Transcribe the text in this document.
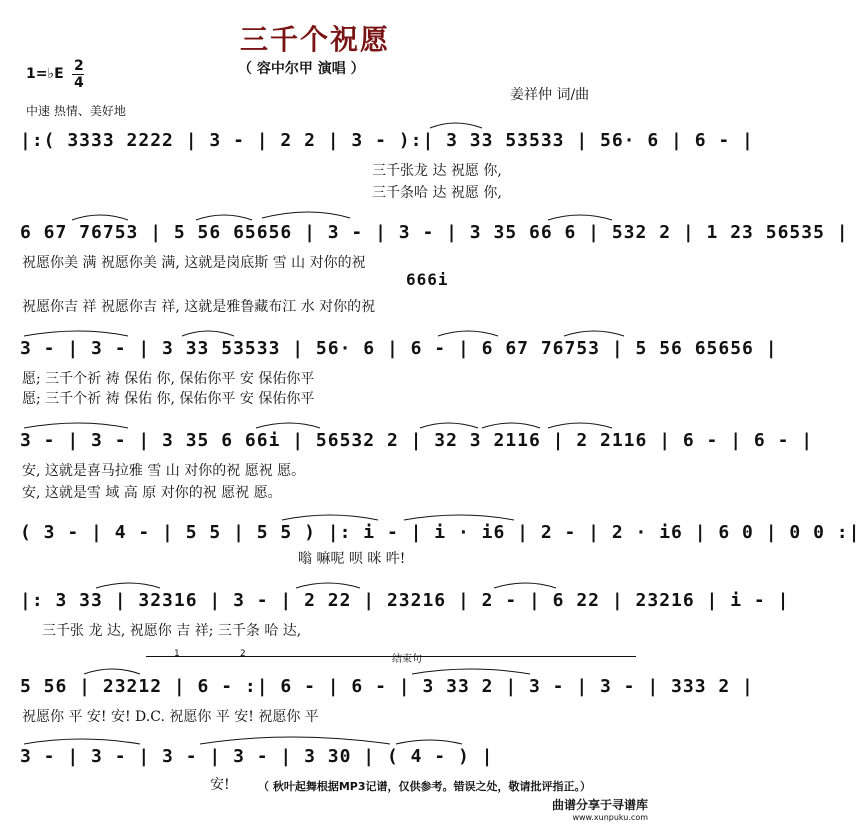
三千个祝愿
1=♭E 2
4
（ 容中尔甲 演唱 ）
姜祥仲 词/曲
中速 热情、美好地
|:( 3333 2222 | 3 - | 2 2 | 3 - ):| 3 33 53533 | 56· 6 | 6 - |
三千张龙 达 祝愿 你,
三千条哈 达 祝愿 你,
6 67 76753 | 5 56 65656 | 3 - | 3 - | 3 35 66 6 | 532 2 | 1 23 56535 |
祝愿你美 满 祝愿你美 满, 这就是岗底斯 雪 山 对你的祝
666i
祝愿你吉 祥 祝愿你吉 祥, 这就是雅鲁藏布江 水 对你的祝
3 - | 3 - | 3 33 53533 | 56· 6 | 6 - | 6 67 76753 | 5 56 65656 |
愿; 三千个祈 祷 保佑 你, 保佑你平 安 保佑你平
愿; 三千个祈 祷 保佑 你, 保佑你平 安 保佑你平
3 - | 3 - | 3 35 6 66i | 56532 2 | 32 3 2116 | 2 2116 | 6 - | 6 - |
安, 这就是喜马拉雅 雪 山 对你的祝 愿祝 愿。
安, 这就是雪 域 高 原 对你的祝 愿祝 愿。
( 3 - | 4 - | 5 5 | 5 5 ) |: i - | i · i6 | 2 - | 2 · i6 | 6 0 | 0 0 :|
嗡 嘛呢 呗 咪 吽!
|: 3 33 | 32316 | 3 - | 2 22 | 23216 | 2 - | 6 22 | 23216 | i - |
三千张 龙 达, 祝愿你 吉 祥; 三千条 哈 达,
1	2	结束句
5 56 | 23212 | 6 - :| 6 - | 6 - | 3 33 2 | 3 - | 3 - | 333 2 |
祝愿你 平 安! 安! D.C. 祝愿你 平 安! 祝愿你 平
3 - | 3 - | 3 - | 3 - | 3 30 | ( 4 - ) |
安!	（ 秋叶起舞根据MP3记谱，仅供参考。错误之处，敬请批评指正。）
曲谱分享于寻谱库
www.xunpuku.com
